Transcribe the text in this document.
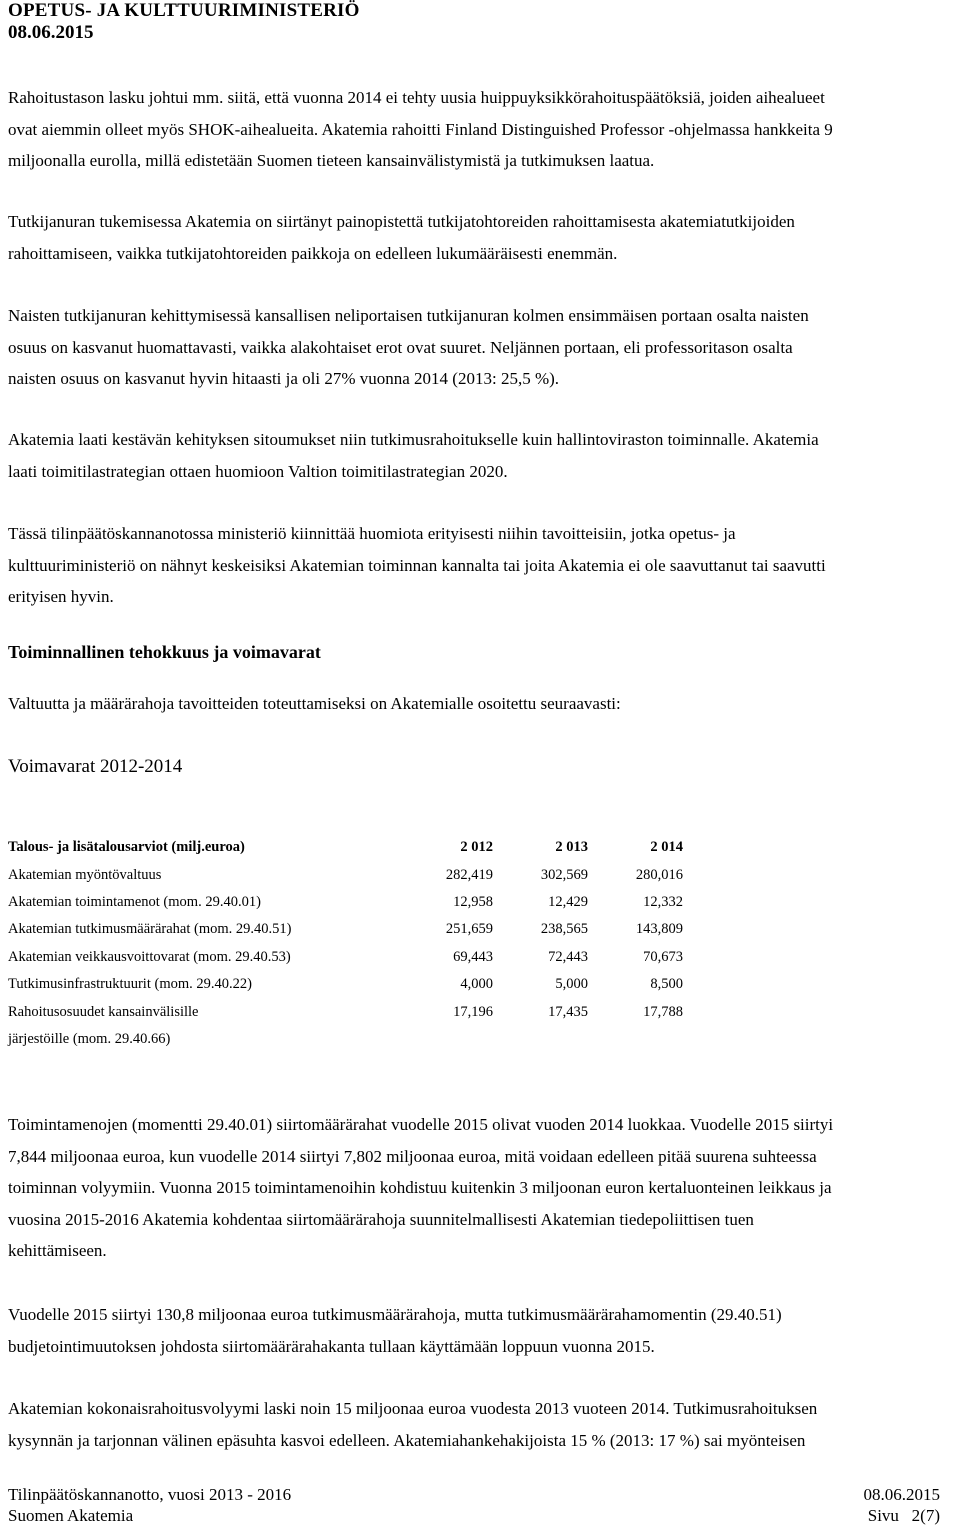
OPETUS- JA KULTTUURIMINISTERIÖ
08.06.2015

Rahoitustason lasku johtui mm. siitä, että vuonna 2014 ei tehty uusia huippuyksikkörahoituspäätöksiä, joiden aihealueet
ovat aiemmin olleet myös SHOK-aihealueita. Akatemia rahoitti Finland Distinguished Professor -ohjelmassa hankkeita 9
miljoonalla eurolla, millä edistetään Suomen tieteen kansainvälistymistä ja tutkimuksen laatua.

Tutkijanuran tukemisessa Akatemia on siirtänyt painopistettä tutkijatohtoreiden rahoittamisesta akatemiatutkijoiden
rahoittamiseen, vaikka tutkijatohtoreiden paikkoja on edelleen lukumääräisesti enemmän.

Naisten tutkijanuran kehittymisessä kansallisen neliportaisen tutkijanuran kolmen ensimmäisen portaan osalta naisten
osuus on kasvanut huomattavasti, vaikka alakohtaiset erot ovat suuret. Neljännen portaan, eli professoritason osalta
naisten osuus on kasvanut hyvin hitaasti ja oli 27% vuonna 2014 (2013: 25,5 %).

Akatemia laati kestävän kehityksen sitoumukset niin tutkimusrahoitukselle kuin hallintoviraston toiminnalle. Akatemia
laati toimitilastrategian ottaen huomioon Valtion toimitilastrategian 2020.

Tässä tilinpäätöskannanotossa ministeriö kiinnittää huomiota erityisesti niihin tavoitteisiin, jotka opetus- ja
kulttuuriministeriö on nähnyt keskeisiksi Akatemian toiminnan kannalta tai joita Akatemia ei ole saavuttanut tai saavutti
erityisen hyvin.

Toiminnallinen tehokkuus ja voimavarat
Valtuutta ja määrärahoja tavoitteiden toteuttamiseksi on Akatemialle osoitettu seuraavasti:
Voimavarat 2012-2014
Talous- ja lisätalousarviot (milj.euroa)	2 012	2 013	2 014
Akatemian myöntövaltuus	282,419	302,569	280,016
Akatemian toimintamenot (mom. 29.40.01)	12,958	12,429	12,332
Akatemian tutkimusmäärärahat (mom. 29.40.51)	251,659	238,565	143,809
Akatemian veikkausvoittovarat (mom. 29.40.53)	69,443	72,443	70,673
Tutkimusinfrastruktuurit (mom. 29.40.22)	4,000	5,000	8,500
Rahoitusosuudet kansainvälisille	17,196	17,435	17,788
järjestöille (mom. 29.40.66)			

Toimintamenojen (momentti 29.40.01) siirtomäärärahat vuodelle 2015 olivat vuoden 2014 luokkaa. Vuodelle 2015 siirtyi
7,844 miljoonaa euroa, kun vuodelle 2014 siirtyi 7,802 miljoonaa euroa, mitä voidaan edelleen pitää suurena suhteessa
toiminnan volyymiin. Vuonna 2015 toimintamenoihin kohdistuu kuitenkin 3 miljoonan euron kertaluonteinen leikkaus ja
vuosina 2015-2016 Akatemia kohdentaa siirtomäärärahoja suunnitelmallisesti Akatemian tiedepoliittisen tuen
kehittämiseen.

Vuodelle 2015 siirtyi 130,8 miljoonaa euroa tutkimusmäärärahoja, mutta tutkimusmäärärahamomentin (29.40.51)
budjetointimuutoksen johdosta siirtomäärärahakanta tullaan käyttämään loppuun vuonna 2015.

Akatemian kokonaisrahoitusvolyymi laski noin 15 miljoonaa euroa vuodesta 2013 vuoteen 2014. Tutkimusrahoituksen
kysynnän ja tarjonnan välinen epäsuhta kasvoi edelleen. Akatemiahankehakijoista 15 % (2013: 17 %) sai myönteisen

Tilinpäätöskannanotto, vuosi 2013 - 2016	08.06.2015
Suomen Akatemia	Sivu   2(7)
